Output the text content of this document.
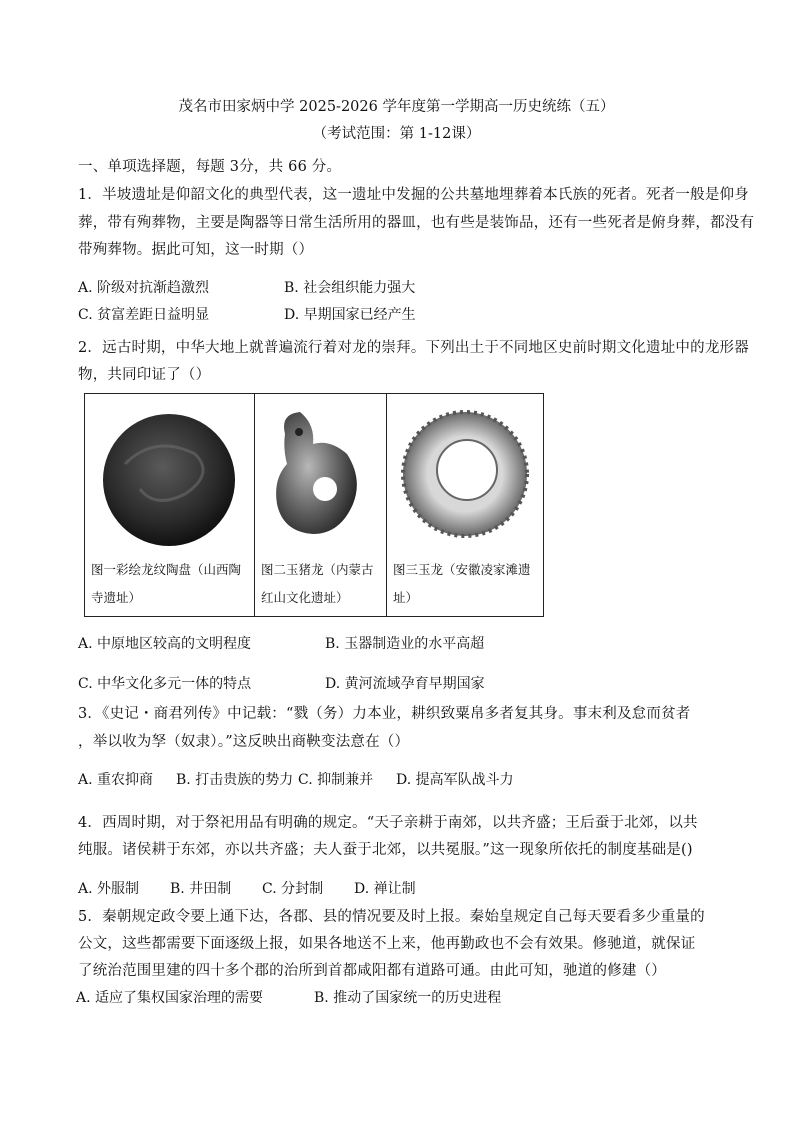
茂名市田家炳中学 2025-2026 学年度第一学期高一历史统练（五）
（考试范围：第 1-12课）
一、单项选择题，每题 3分，共 66 分。
1．半坡遗址是仰韶文化的典型代表，这一遗址中发掘的公共墓地埋葬着本氏族的死者。死者一般是仰身
葬，带有殉葬物，主要是陶器等日常生活所用的器皿，也有些是装饰品，还有一些死者是俯身葬，都没有
带殉葬物。据此可知，这一时期（）
A. 阶级对抗渐趋激烈	B. 社会组织能力强大
C. 贫富差距日益明显	D. 早期国家已经产生
2．远古时期，中华大地上就普遍流行着对龙的崇拜。下列出土于不同地区史前时期文化遗址中的龙形器
物，共同印证了（）
图一彩绘龙纹陶盘（山西陶寺遗址）
图二玉猪龙（内蒙古红山文化遗址）
图三玉龙（安徽凌家滩遗址）
A. 中原地区较高的文明程度	B. 玉器制造业的水平高超
C. 中华文化多元一体的特点	D. 黄河流域孕育早期国家
3．《史记・商君列传》中记载：“戮（务）力本业，耕织致粟帛多者复其身。事末利及怠而贫者
，举以收为孥（奴隶）。”这反映出商鞅变法意在（）
A. 重农抑商 B. 打击贵族的势力 C. 抑制兼并 D. 提高军队战斗力
4．西周时期，对于祭祀用品有明确的规定。“天子亲耕于南郊，以共齐盛；王后蚕于北郊，以共
纯服。诸侯耕于东郊，亦以共齐盛；夫人蚕于北郊，以共冕服。”这一现象所依托的制度基础是()
A. 外服制 B. 井田制 C. 分封制 D. 禅让制
5．秦朝规定政令要上通下达，各郡、县的情况要及时上报。秦始皇规定自己每天要看多少重量的
公文，这些都需要下面逐级上报，如果各地送不上来，他再勤政也不会有效果。修驰道，就保证
了统治范围里建的四十多个郡的治所到首都咸阳都有道路可通。由此可知，驰道的修建（）
A. 适应了集权国家治理的需要	B. 推动了国家统一的历史进程
